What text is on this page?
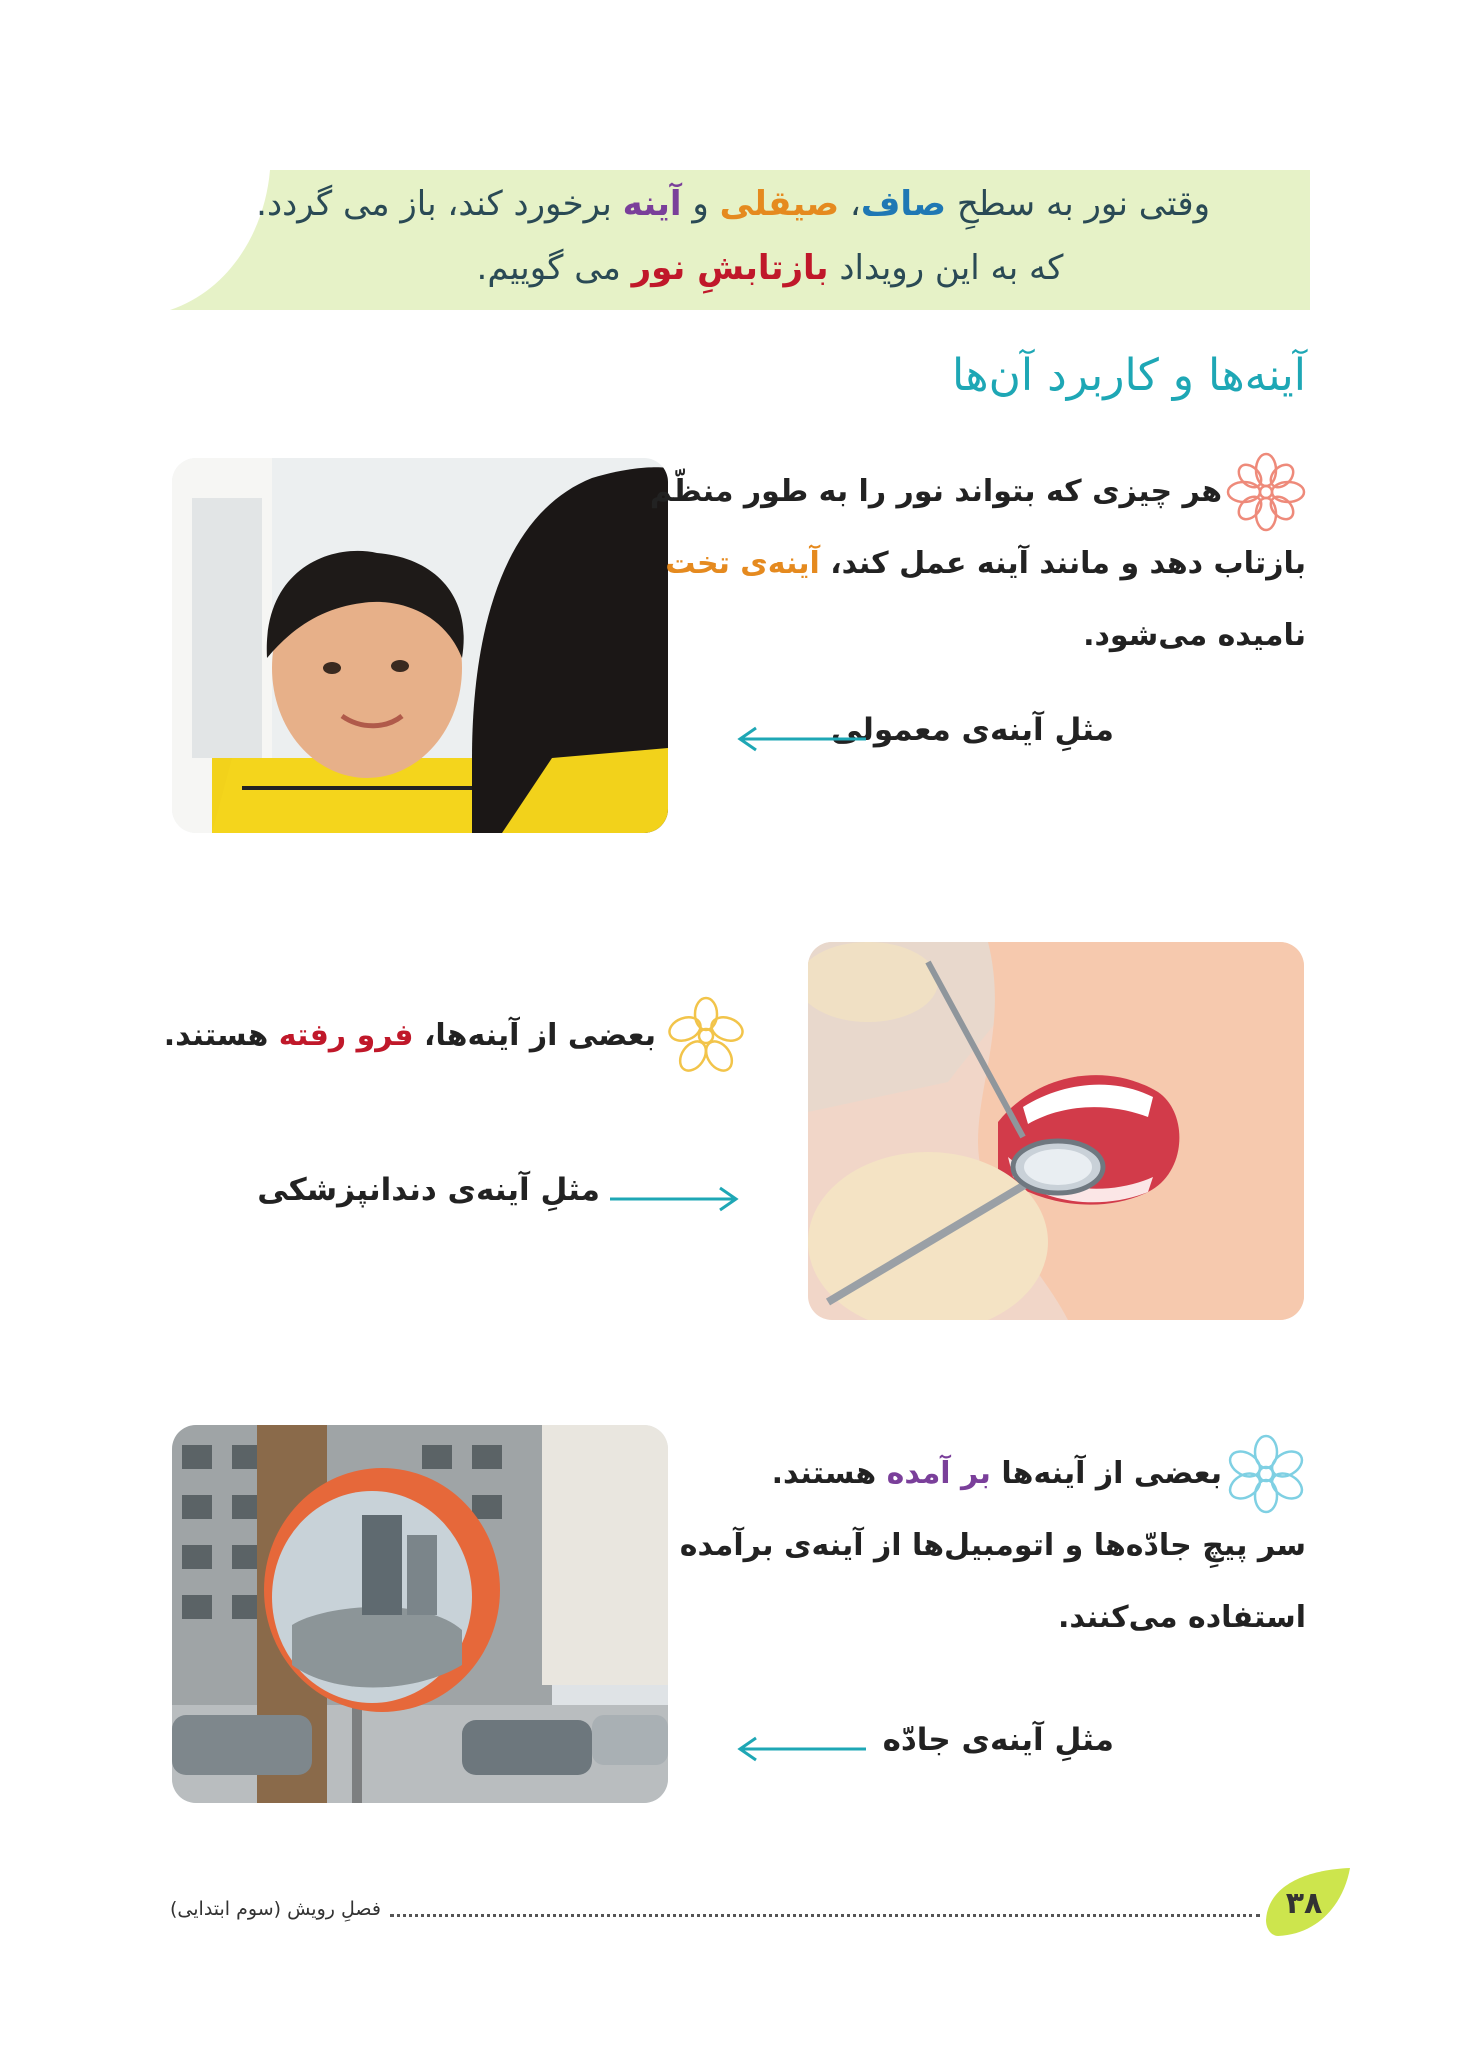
وقتی نور به سطحِ صاف، صیقلی و آینه برخورد کند، باز می گردد.
که به این رویداد بازتابشِ نور می گوییم.
آینه‌ها و کاربرد آن‌ها
هر چیزی که بتواند نور را به طور منظّم
بازتاب دهد و مانند آینه عمل کند، آینه‌ی تخت
نامیده می‌شود.
مثلِ آینه‌ی معمولی
بعضی از آینه‌ها، فرو رفته هستند.
مثلِ آینه‌ی دندانپزشکی
بعضی از آینه‌ها بر آمده هستند.
سر پیچِ جادّه‌ها و اتومبیل‌ها از آینه‌ی برآمده
استفاده می‌کنند.
مثلِ آینه‌ی جادّه
فصلِ رویش (سوم ابتدایی)	۳۸
